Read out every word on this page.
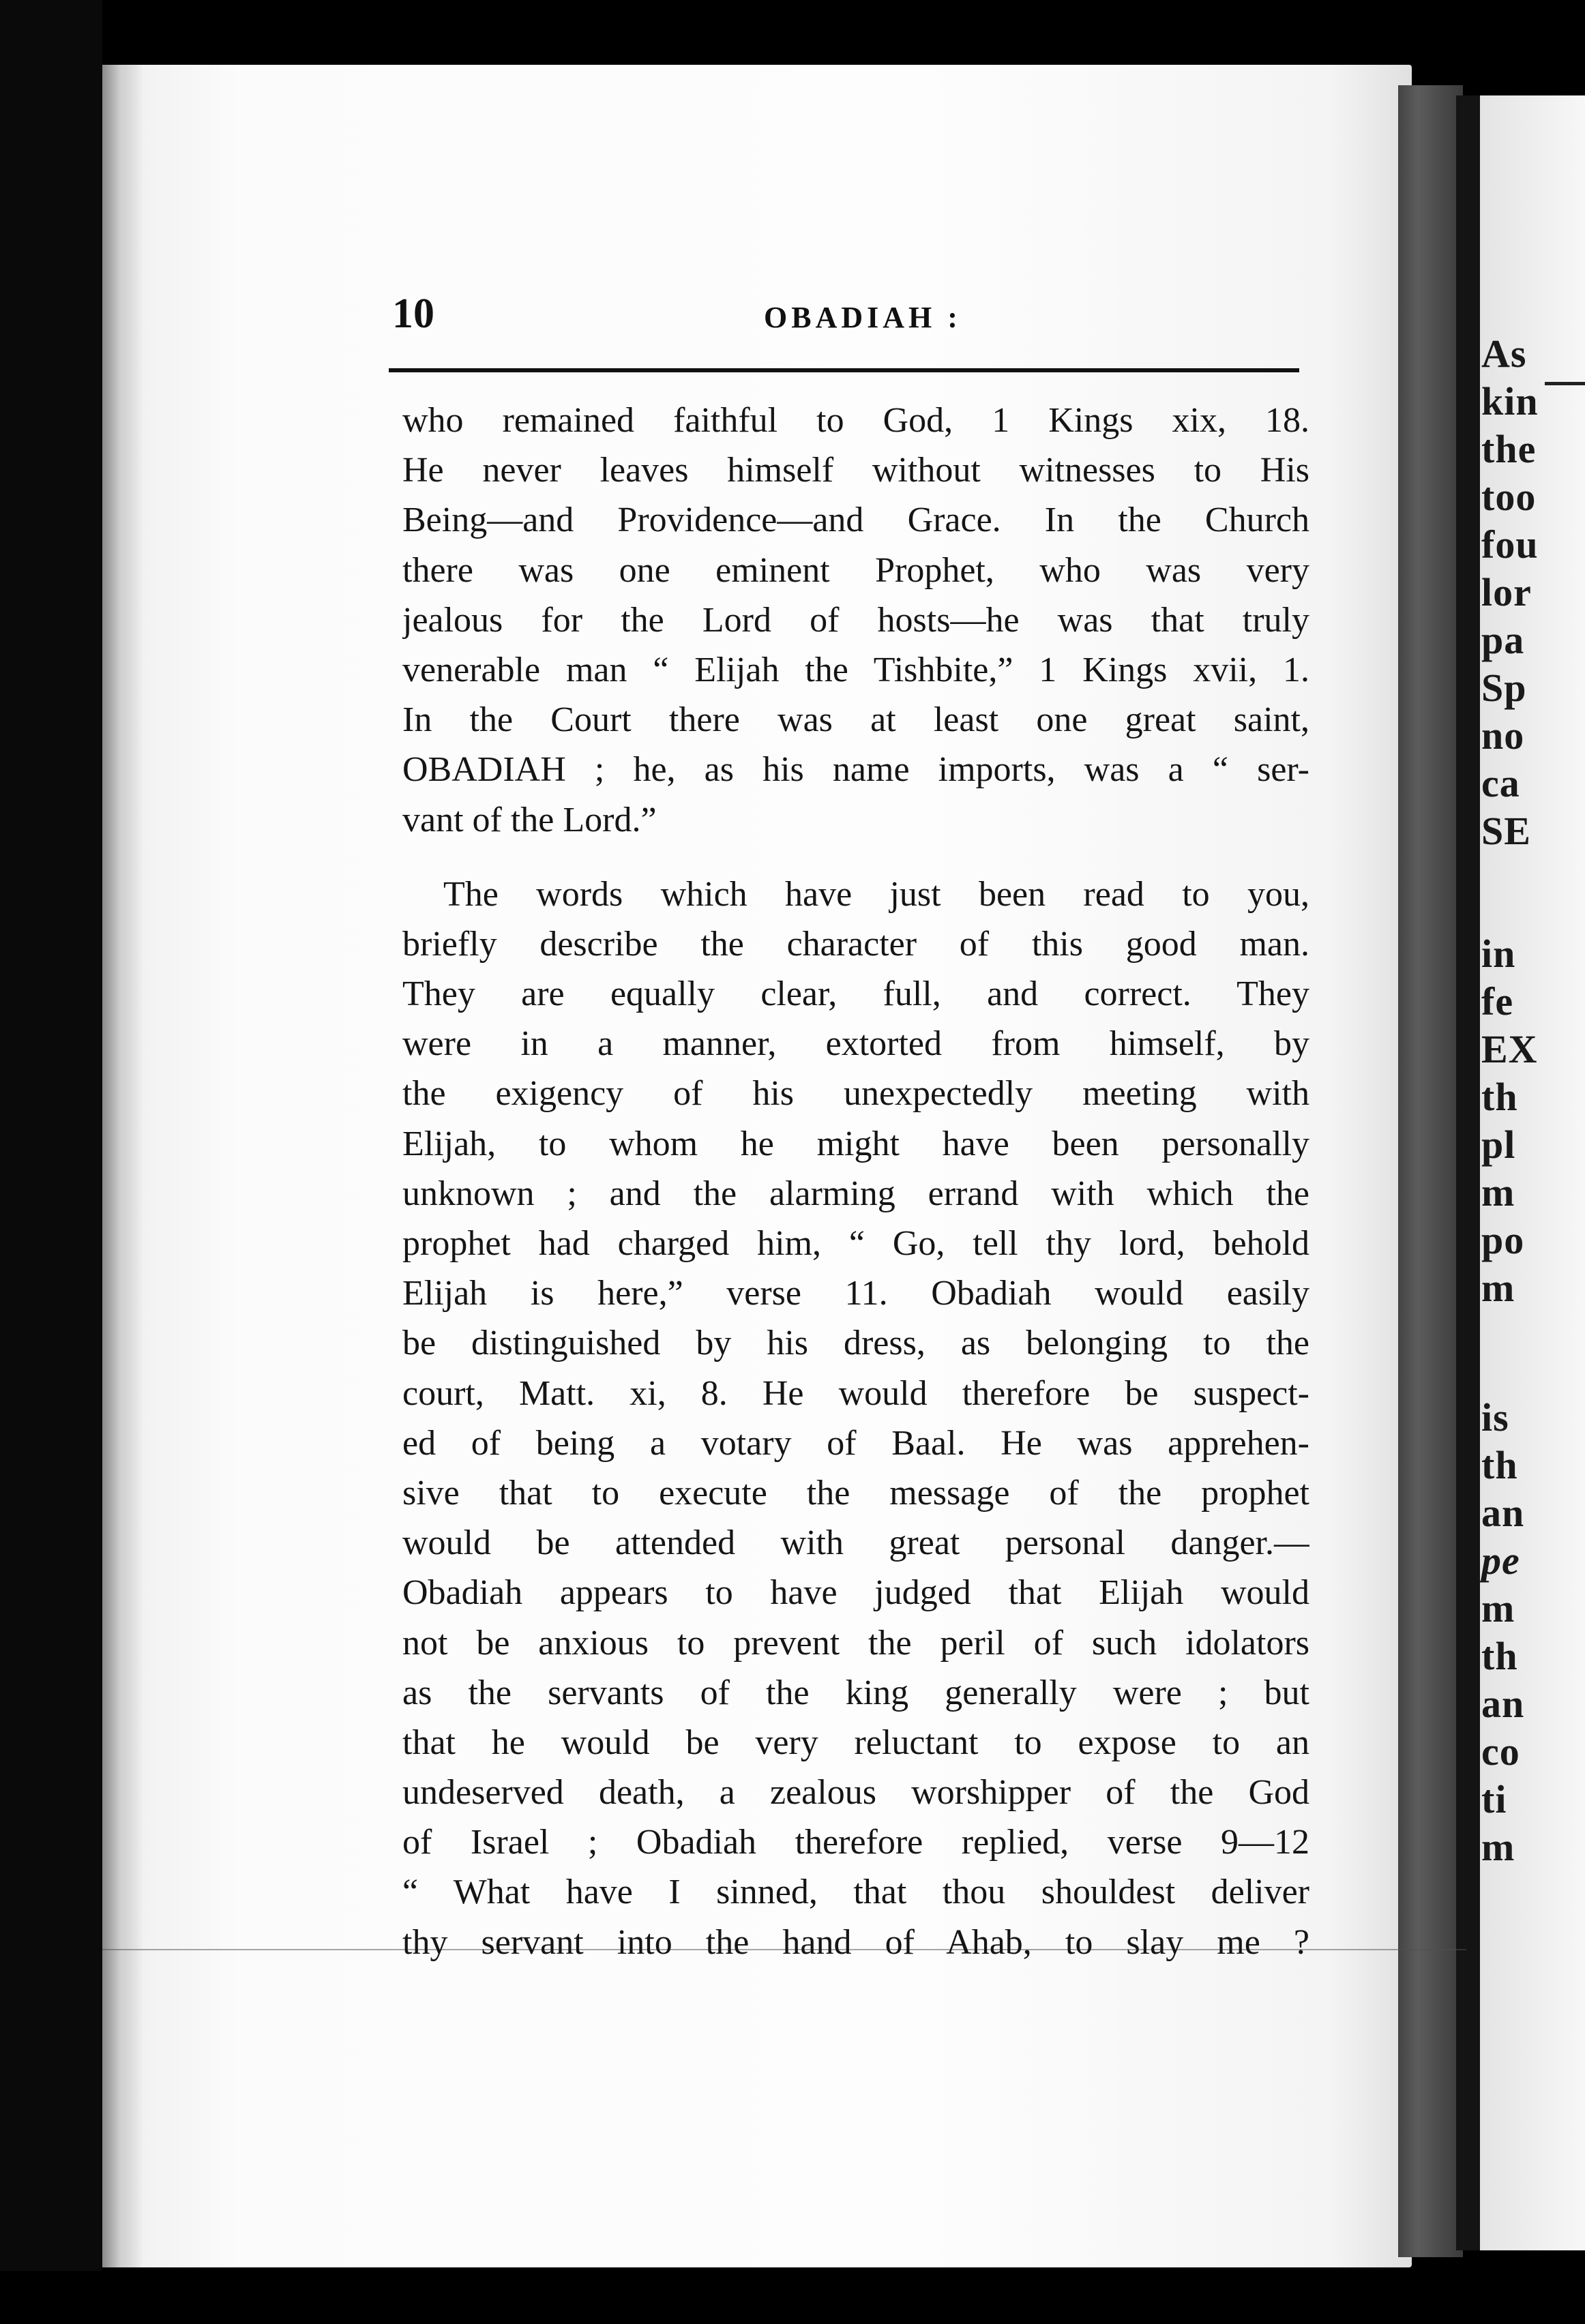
As
kin
the
too
fou
lor
pa
Sp
no
ca
SE
in
fe
EX
th
pl
m
po
m
is
th
an
pe
m
th
an
co
ti
m
10	OBADIAH :
who remained faithful to God, 1 Kings xix, 18.
He never leaves himself without witnesses to His
Being—and Providence—and Grace. In the Church
there was one eminent Prophet, who was very
jealous for the Lord of hosts—he was that truly
venerable man “ Elijah the Tishbite,” 1 Kings xvii, 1.
In the Court there was at least one great saint,
OBADIAH ; he, as his name imports, was a “ ser-
vant of the Lord.”
The words which have just been read to you,
briefly describe the character of this good man.
They are equally clear, full, and correct. They
were in a manner, extorted from himself, by
the exigency of his unexpectedly meeting with
Elijah, to whom he might have been personally
unknown ; and the alarming errand with which the
prophet had charged him, “ Go, tell thy lord, behold
Elijah is here,” verse 11. Obadiah would easily
be distinguished by his dress, as belonging to the
court, Matt. xi, 8. He would therefore be suspect-
ed of being a votary of Baal. He was apprehen-
sive that to execute the message of the prophet
would be attended with great personal danger.—
Obadiah appears to have judged that Elijah would
not be anxious to prevent the peril of such idolators
as the servants of the king generally were ; but
that he would be very reluctant to expose to an
undeserved death, a zealous worshipper of the God
of Israel ; Obadiah therefore replied, verse 9—12
“ What have I sinned, that thou shouldest deliver
thy servant into the hand of Ahab, to slay me ?
